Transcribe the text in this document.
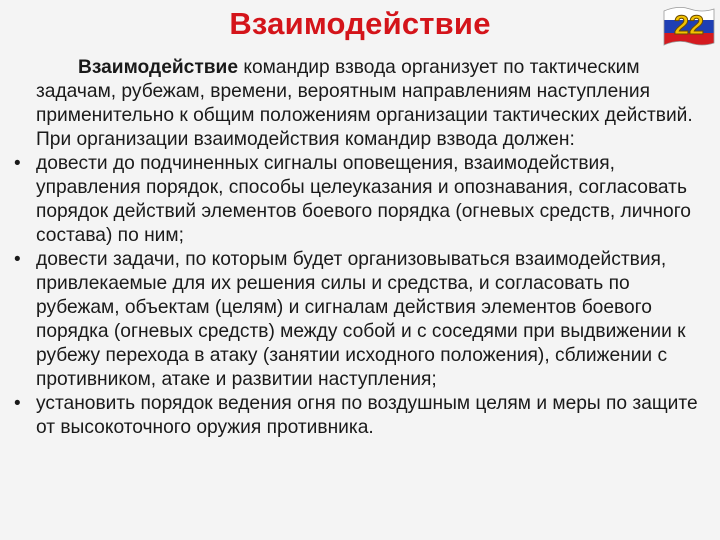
Взаимодействие	22

Взаимодействие командир взвода организует по тактическим задачам, рубежам, времени, вероятным направлениям наступления применительно к общим положениям организации тактических действий. При организации взаимодействия командир взвода должен:

• довести до подчиненных сигналы оповещения, взаимодействия, управления порядок, способы целеуказания и опознавания, согласовать порядок действий элементов боевого порядка (огневых средств, личного состава) по ним;

• довести задачи, по которым будет организовываться взаимодействия, привлекаемые для их решения силы и средства, и согласовать по рубежам, объектам (целям) и сигналам действия элементов боевого порядка (огневых средств) между собой и с соседями при выдвижении к рубежу перехода в атаку (занятии исходного положения), сближении с противником, атаке и развитии наступления;

• установить порядок ведения огня по воздушным целям и меры по защите от высокоточного оружия противника.
